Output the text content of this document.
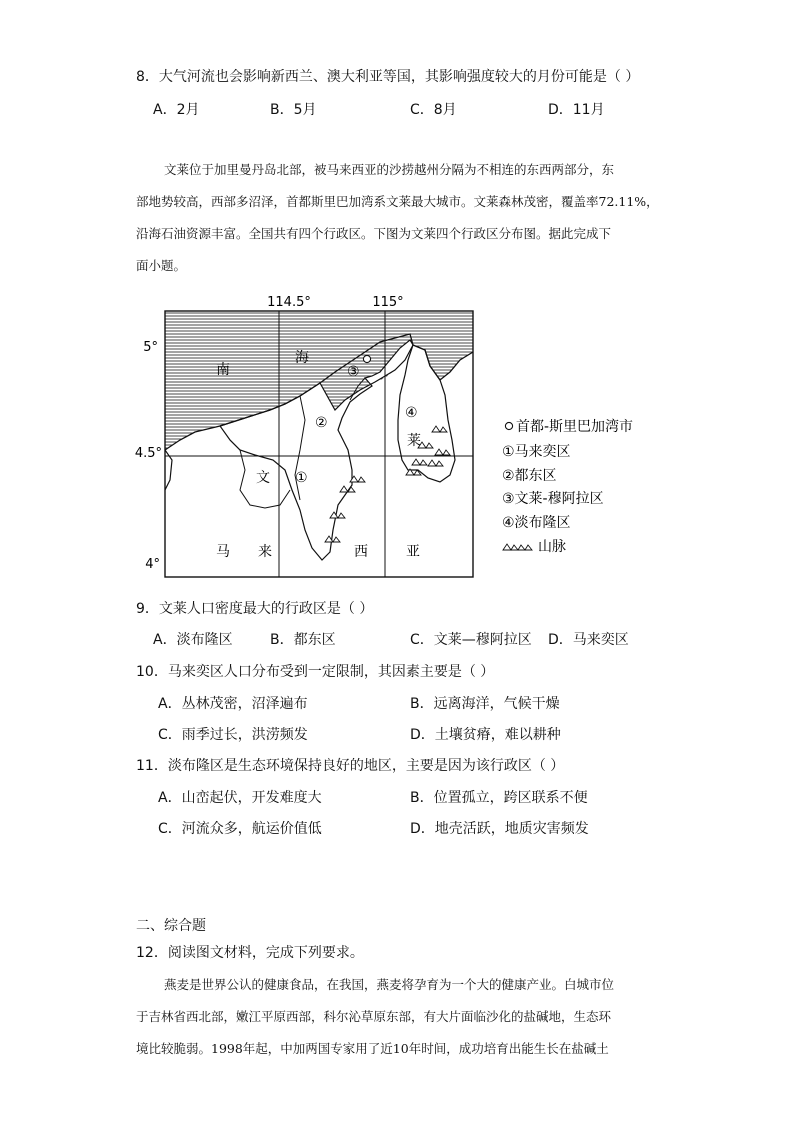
8．大气河流也会影响新西兰、澳大利亚等国，其影响强度较大的月份可能是（ ）
A．2月	B．5月	C．8月	D．11月
文莱位于加里曼丹岛北部，被马来西亚的沙捞越州分隔为不相连的东西两部分，东
部地势较高，西部多沼泽，首都斯里巴加湾系文莱最大城市。文莱森林茂密，覆盖率72.11%，
沿海石油资源丰富。全国共有四个行政区。下图为文莱四个行政区分布图。据此完成下
面小题。
114.5°	115°
5°
4.5°
4°
南
海
文
莱
马 来	西	亚
①
②
③
④
首都-斯里巴加湾市
①马来奕区
②都东区
③文莱-穆阿拉区
④淡布隆区
山脉
9．文莱人口密度最大的行政区是（ ）
A．淡布隆区	B．都东区	C．文莱—穆阿拉区 D．马来奕区
10．马来奕区人口分布受到一定限制，其因素主要是（ ）
A．丛林茂密，沼泽遍布	B．远离海洋，气候干燥
C．雨季过长，洪涝频发	D．土壤贫瘠，难以耕种
11．淡布隆区是生态环境保持良好的地区，主要是因为该行政区（ ）
A．山峦起伏，开发难度大	B．位置孤立，跨区联系不便
C．河流众多，航运价值低	D．地壳活跃，地质灾害频发
二、综合题
12．阅读图文材料，完成下列要求。
燕麦是世界公认的健康食品，在我国，燕麦将孕育为一个大的健康产业。白城市位
于吉林省西北部，嫩江平原西部，科尔沁草原东部，有大片面临沙化的盐碱地，生态环
境比较脆弱。1998年起，中加两国专家用了近10年时间，成功培育出能生长在盐碱土
